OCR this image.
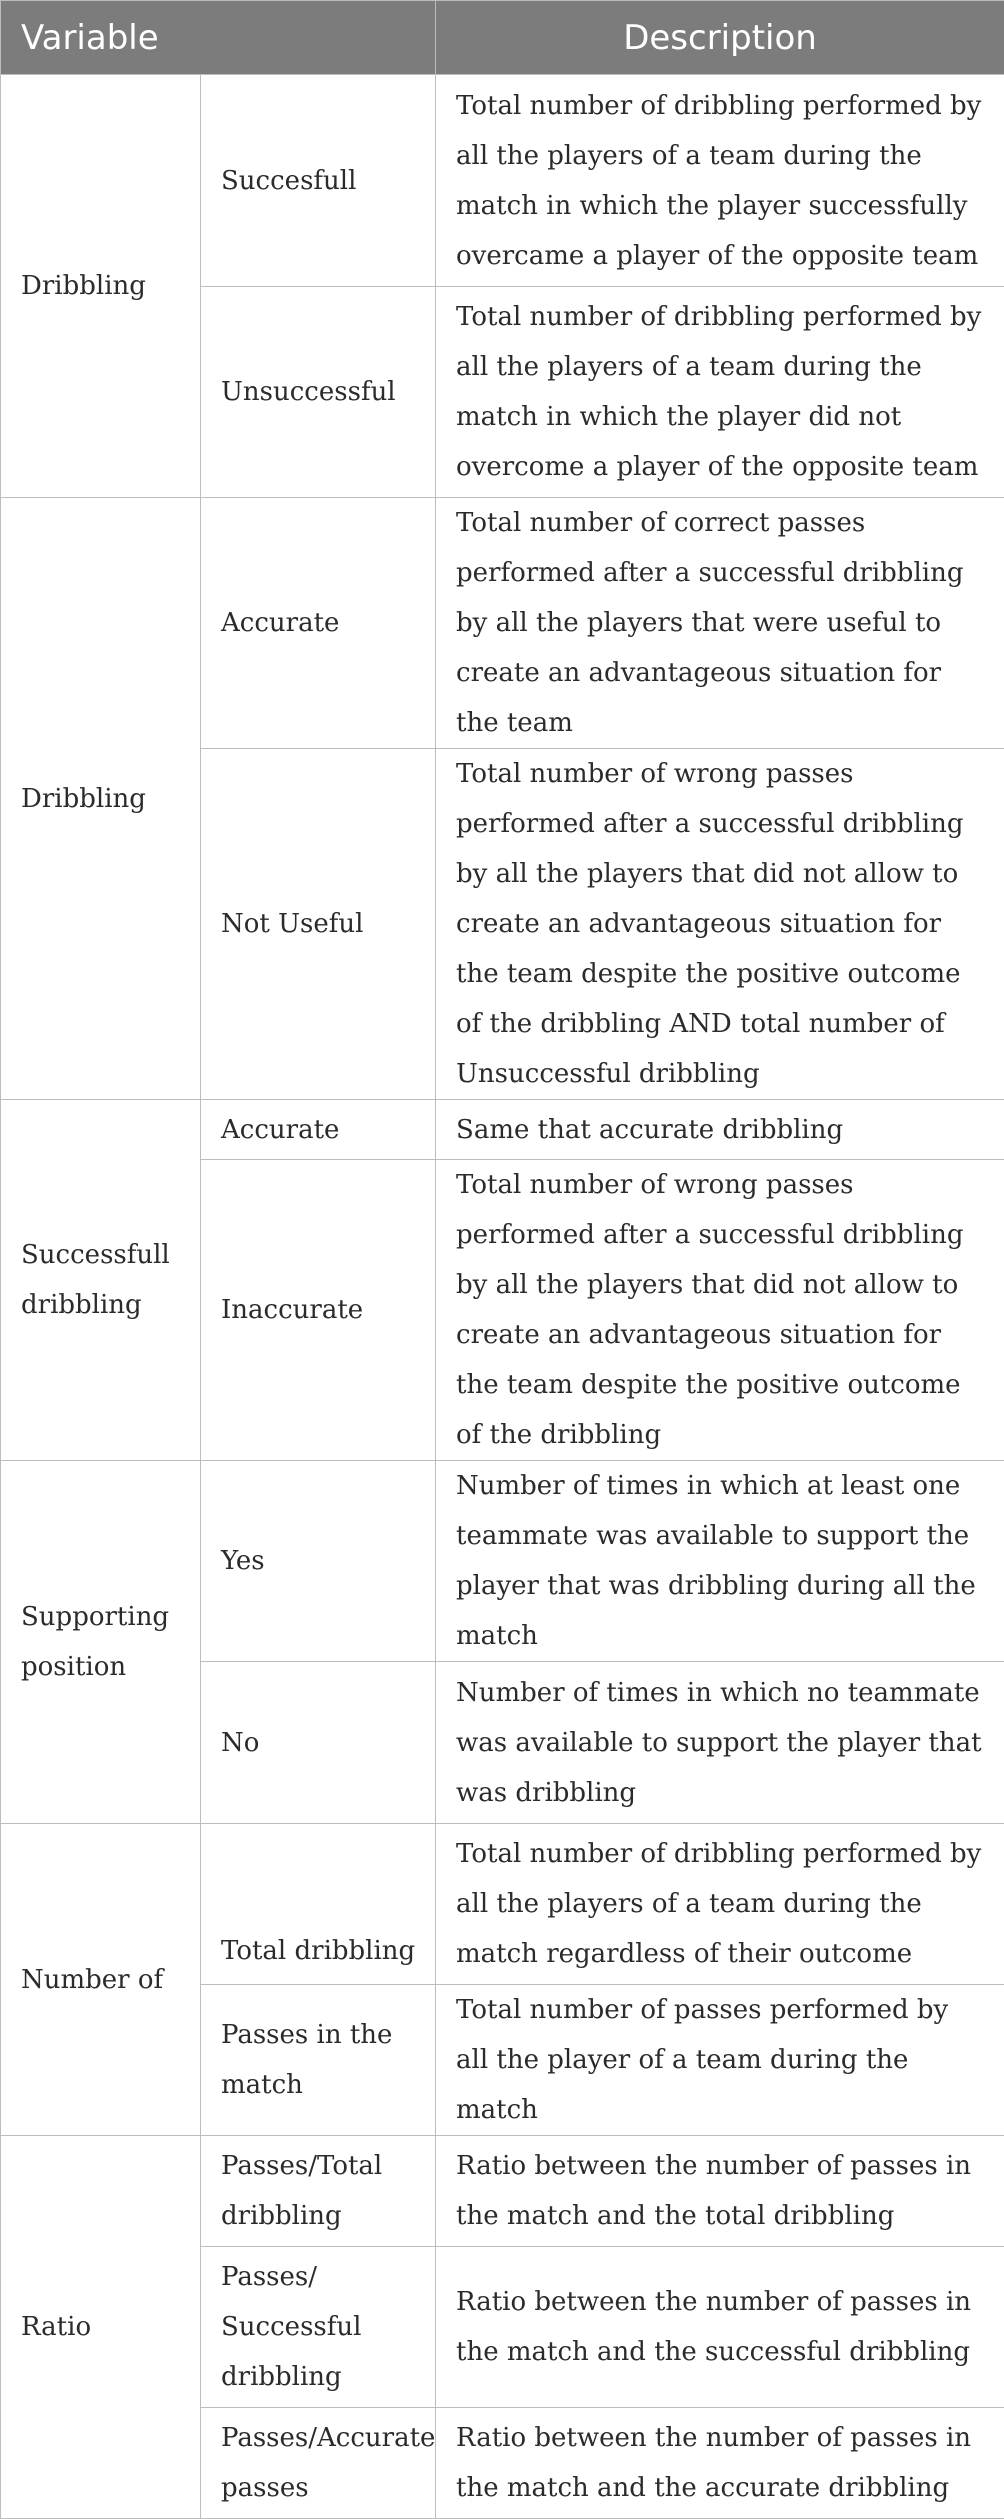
Variable		Description
Dribbling	Succesfull	Total number of dribbling performed by all the players of a team during the match in which the player successfully overcame a player of the opposite team
	Unsuccessful	Total number of dribbling performed by all the players of a team during the match in which the player did not overcome a player of the opposite team
Dribbling	Accurate	Total number of correct passes performed after a successful dribbling by all the players that were useful to create an advantageous situation for the team
	Not Useful	Total number of wrong passes performed after a successful dribbling by all the players that did not allow to create an advantageous situation for the team despite the positive outcome of the dribbling AND total number of Unsuccessful dribbling
Successfull dribbling	Accurate	Same that accurate dribbling
	Inaccurate	Total number of wrong passes performed after a successful dribbling by all the players that did not allow to create an advantageous situation for the team despite the positive outcome of the dribbling
Supporting position	Yes	Number of times in which at least one teammate was available to support the player that was dribbling during all the match
	No	Number of times in which no teammate was available to support the player that was dribbling
Number of	Total dribbling	Total number of dribbling performed by all the players of a team during the match regardless of their outcome
	Passes in the match	Total number of passes performed by all the player of a team during the match
Ratio	Passes/Total dribbling	Ratio between the number of passes in the match and the total dribbling
	Passes/ Successful dribbling	Ratio between the number of passes in the match and the successful dribbling
	Passes/Accurate passes	Ratio between the number of passes in the match and the accurate dribbling
